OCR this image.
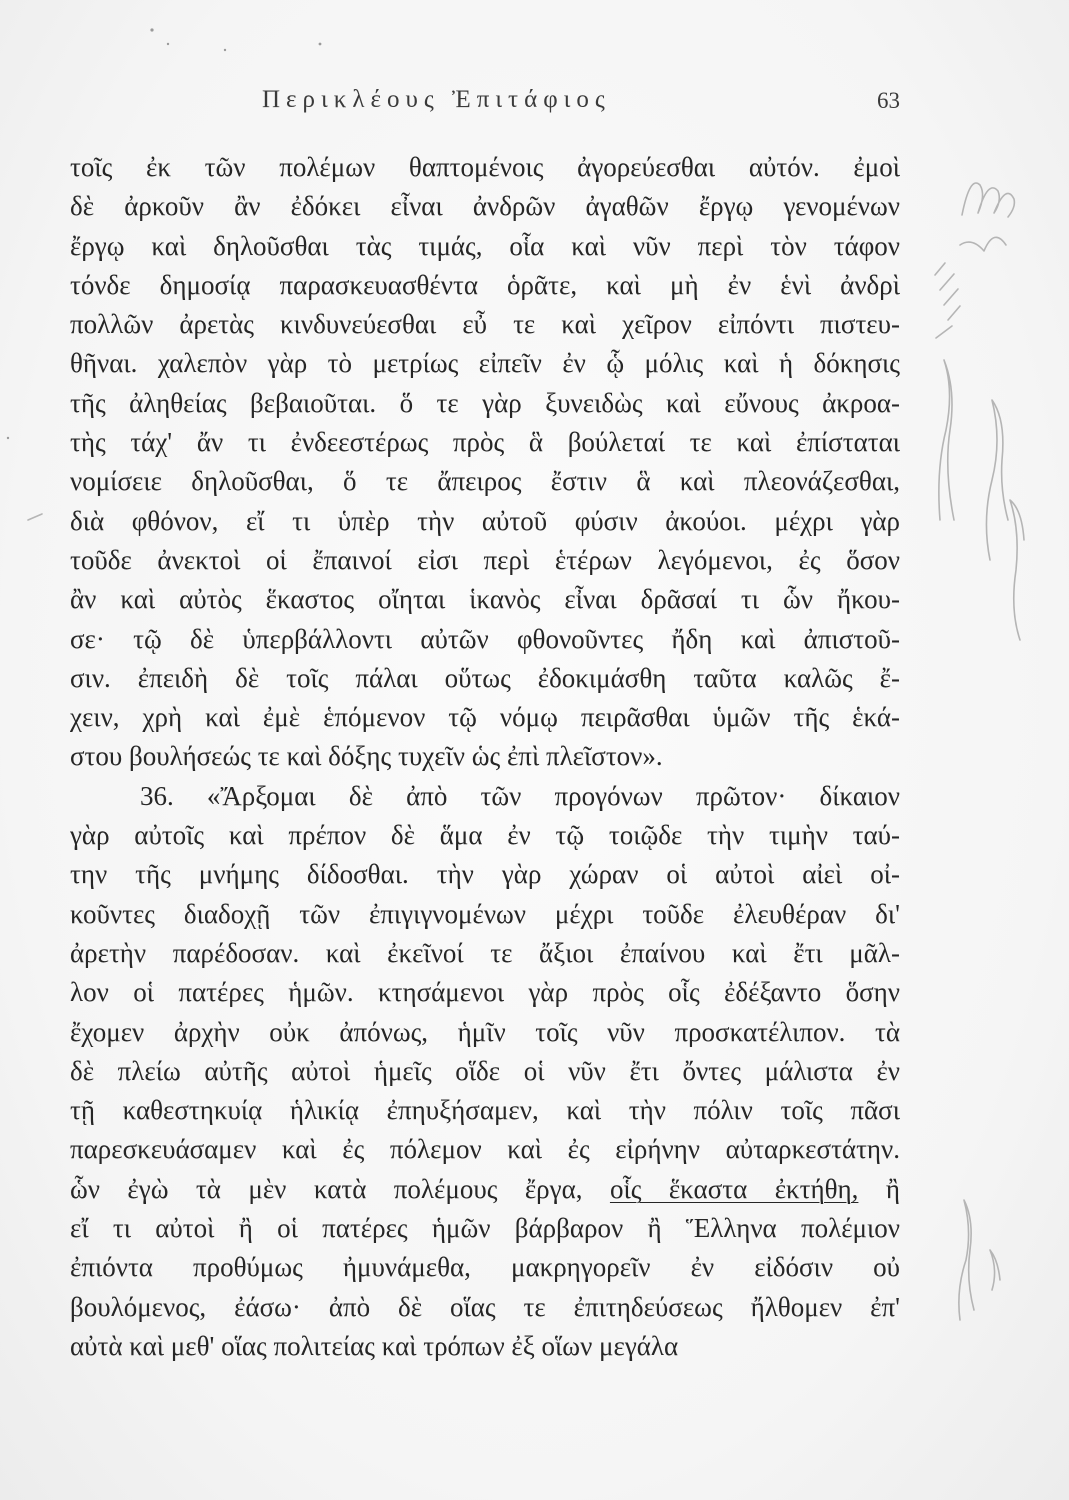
Περικλέους Ἐπιτάφιος	63
τοῖς ἐκ τῶν πολέμων θαπτομένοις ἀγορεύεσθαι αὐτόν. ἐμοὶ
δὲ ἀρκοῦν ἂν ἐδόκει εἶναι ἀνδρῶν ἀγαθῶν ἔργῳ γενομένων
ἔργῳ καὶ δηλοῦσθαι τὰς τιμάς, οἷα καὶ νῦν περὶ τὸν τάφον
τόνδε δημοσίᾳ παρασκευασθέντα ὁρᾶτε, καὶ μὴ ἐν ἑνὶ ἀνδρὶ
πολλῶν ἀρετὰς κινδυνεύεσθαι εὖ τε καὶ χεῖρον εἰπόντι πιστευ-
θῆναι. χαλεπὸν γὰρ τὸ μετρίως εἰπεῖν ἐν ᾧ μόλις καὶ ἡ δόκησις
τῆς ἀληθείας βεβαιοῦται. ὅ τε γὰρ ξυνειδὼς καὶ εὔνους ἀκροα-
τὴς τάχ' ἄν τι ἐνδεεστέρως πρὸς ἃ βούλεταί τε καὶ ἐπίσταται
νομίσειε δηλοῦσθαι, ὅ τε ἄπειρος ἔστιν ἃ καὶ πλεονάζεσθαι,
διὰ φθόνον, εἴ τι ὑπὲρ τὴν αὐτοῦ φύσιν ἀκούοι. μέχρι γὰρ
τοῦδε ἀνεκτοὶ οἱ ἔπαινοί εἰσι περὶ ἑτέρων λεγόμενοι, ἐς ὅσον
ἂν καὶ αὐτὸς ἕκαστος οἴηται ἱκανὸς εἶναι δρᾶσαί τι ὧν ἤκου-
σε· τῷ δὲ ὑπερβάλλοντι αὐτῶν φθονοῦντες ἤδη καὶ ἀπιστοῦ-
σιν. ἐπειδὴ δὲ τοῖς πάλαι οὕτως ἐδοκιμάσθη ταῦτα καλῶς ἔ-
χειν, χρὴ καὶ ἐμὲ ἑπόμενον τῷ νόμῳ πειρᾶσθαι ὑμῶν τῆς ἑκά-
στου βουλήσεώς τε καὶ δόξης τυχεῖν ὡς ἐπὶ πλεῖστον».
36. «Ἄρξομαι δὲ ἀπὸ τῶν προγόνων πρῶτον· δίκαιον
γὰρ αὐτοῖς καὶ πρέπον δὲ ἅμα ἐν τῷ τοιῷδε τὴν τιμὴν ταύ-
την τῆς μνήμης δίδοσθαι. τὴν γὰρ χώραν οἱ αὐτοὶ αἰεὶ οἰ-
κοῦντες διαδοχῇ τῶν ἐπιγιγνομένων μέχρι τοῦδε ἐλευθέραν δι'
ἀρετὴν παρέδοσαν. καὶ ἐκεῖνοί τε ἄξιοι ἐπαίνου καὶ ἔτι μᾶλ-
λον οἱ πατέρες ἡμῶν. κτησάμενοι γὰρ πρὸς οἷς ἐδέξαντο ὅσην
ἔχομεν ἀρχὴν οὐκ ἀπόνως, ἡμῖν τοῖς νῦν προσκατέλιπον. τὰ
δὲ πλείω αὐτῆς αὐτοὶ ἡμεῖς οἵδε οἱ νῦν ἔτι ὄντες μάλιστα ἐν
τῇ καθεστηκυίᾳ ἡλικίᾳ ἐπηυξήσαμεν, καὶ τὴν πόλιν τοῖς πᾶσι
παρεσκευάσαμεν καὶ ἐς πόλεμον καὶ ἐς εἰρήνην αὐταρκεστάτην.
ὧν ἐγὼ τὰ μὲν κατὰ πολέμους ἔργα, οἷς ἕκαστα ἐκτήθη, ἢ
εἴ τι αὐτοὶ ἢ οἱ πατέρες ἡμῶν βάρβαρον ἢ Ἕλληνα πολέμιον
ἐπιόντα προθύμως ἠμυνάμεθα, μακρηγορεῖν ἐν εἰδόσιν οὐ
βουλόμενος, ἐάσω· ἀπὸ δὲ οἵας τε ἐπιτηδεύσεως ἤλθομεν ἐπ'
αὐτὰ καὶ μεθ' οἵας πολιτείας καὶ τρόπων ἐξ οἵων μεγάλα
